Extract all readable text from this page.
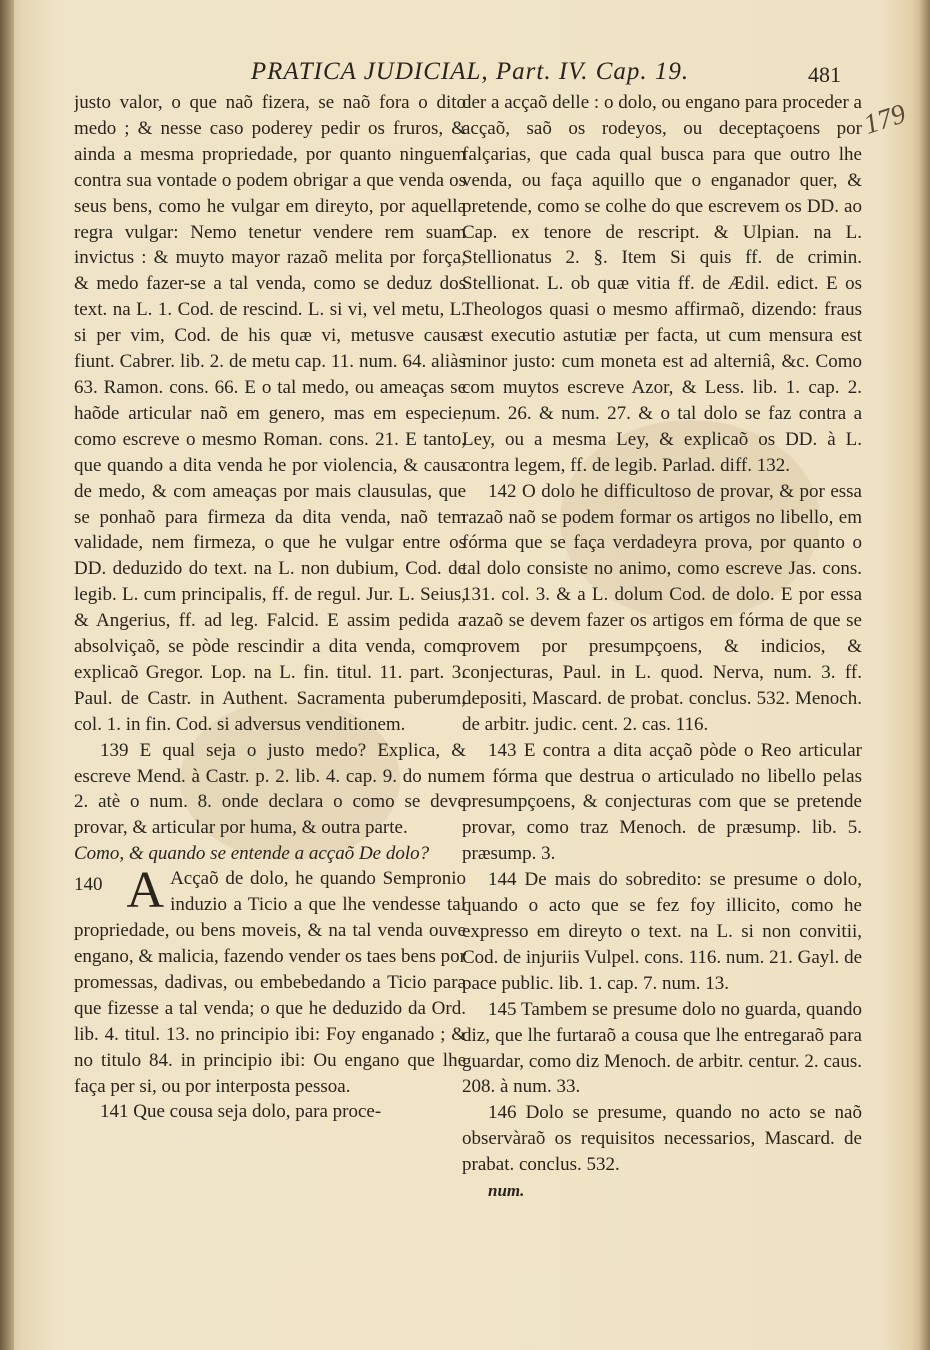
PRATICA JUDICIAL, Part. IV. Cap. 19.	481

justo valor, o que naõ fizera, se naõ fora o dito medo ; & nesse caso poderey pedir os fruros, & ainda a mesma propriedade, por quanto ninguem contra sua vontade o podem obrigar a que venda os seus bens, como he vulgar em direyto, por aquella regra vulgar: Nemo tenetur vendere rem suam invictus : & muyto mayor razaõ melita por força, & medo fazer-se a tal venda, como se deduz dos text. na L. 1. Cod. de rescind. L. si vi, vel metu, L. si per vim, Cod. de his quæ vi, metusve causa fiunt. Cabrer. lib. 2. de metu cap. 11. num. 64. aliàs 63. Ramon. cons. 66. E o tal medo, ou ameaças se haõde articular naõ em genero, mas em especie, como escreve o mesmo Roman. cons. 21. E tanto, que quando a dita venda he por violencia, & causa de medo, & com ameaças por mais clausulas, que se ponhaõ para firmeza da dita venda, naõ tem validade, nem firmeza, o que he vulgar entre os DD. deduzido do text. na L. non dubium, Cod. de legib. L. cum principalis, ff. de regul. Jur. L. Seius, & Angerius, ff. ad leg. Falcid. E assim pedida a absolviçaõ, se pòde rescindir a dita venda, como explicaõ Gregor. Lop. na L. fin. titul. 11. part. 3. Paul. de Castr. in Authent. Sacramenta puberum, col. 1. in fin. Cod. si adversus venditionem.

139 E qual seja o justo medo? Explica, & escreve Mend. à Castr. p. 2. lib. 4. cap. 9. do num. 2. atè o num. 8. onde declara o como se deve provar, & articular por huma, & outra parte.

Como, & quando se entende a acçaõ De dolo?

140 A Acçaõ de dolo, he quando Sempronio induzio a Ticio a que lhe vendesse tal propriedade, ou bens moveis, & na tal venda ouve engano, & malicia, fazendo vender os taes bens por promessas, dadivas, ou embebedando a Ticio para que fizesse a tal venda; o que he deduzido da Ord. lib. 4. titul. 13. no principio ibi: Foy enganado ; & no titulo 84. in principio ibi: Ou engano que lhe faça per si, ou por interposta pessoa.

141 Que cousa seja dolo, para proce-

der a acçaõ delle : o dolo, ou engano para proceder a acçaõ, saõ os rodeyos, ou deceptaçoens por falçarias, que cada qual busca para que outro lhe venda, ou faça aquillo que o enganador quer, & pretende, como se colhe do que escrevem os DD. ao Cap. ex tenore de rescript. & Ulpian. na L. Stellionatus 2. §. Item Si quis ff. de crimin. Stellionat. L. ob quæ vitia ff. de Ædil. edict. E os Theologos quasi o mesmo affirmaõ, dizendo: fraus est executio astutiæ per facta, ut cum mensura est minor justo: cum moneta est ad alterniâ, &c. Como com muytos escreve Azor, & Less. lib. 1. cap. 2. num. 26. & num. 27. & o tal dolo se faz contra a Ley, ou a mesma Ley, & explicaõ os DD. à L. contra legem, ff. de legib. Parlad. diff. 132.

142 O dolo he difficultoso de provar, & por essa razaõ naõ se podem formar os artigos no libello, em fórma que se faça verdadeyra prova, por quanto o tal dolo consiste no animo, como escreve Jas. cons. 131. col. 3. & a L. dolum Cod. de dolo. E por essa razaõ se devem fazer os artigos em fórma de que se provem por presumpçoens, & indicios, & conjecturas, Paul. in L. quod. Nerva, num. 3. ff. depositi, Mascard. de probat. conclus. 532. Menoch. de arbitr. judic. cent. 2. cas. 116.

143 E contra a dita acçaõ pòde o Reo articular em fórma que destrua o articulado no libello pelas presumpçoens, & conjecturas com que se pretende provar, como traz Menoch. de præsump. lib. 5. præsump. 3.

144 De mais do sobredito: se presume o dolo, quando o acto que se fez foy illicito, como he expresso em direyto o text. na L. si non convitii, Cod. de injuriis Vulpel. cons. 116. num. 21. Gayl. de pace public. lib. 1. cap. 7. num. 13.

145 Tambem se presume dolo no guarda, quando diz, que lhe furtaraõ a cousa que lhe entregaraõ para guardar, como diz Menoch. de arbitr. centur. 2. caus. 208. à num. 33.

146 Dolo se presume, quando no acto se naõ observàraõ os requisitos necessarios, Mascard. de prabat. conclus. 532.

num.

179
